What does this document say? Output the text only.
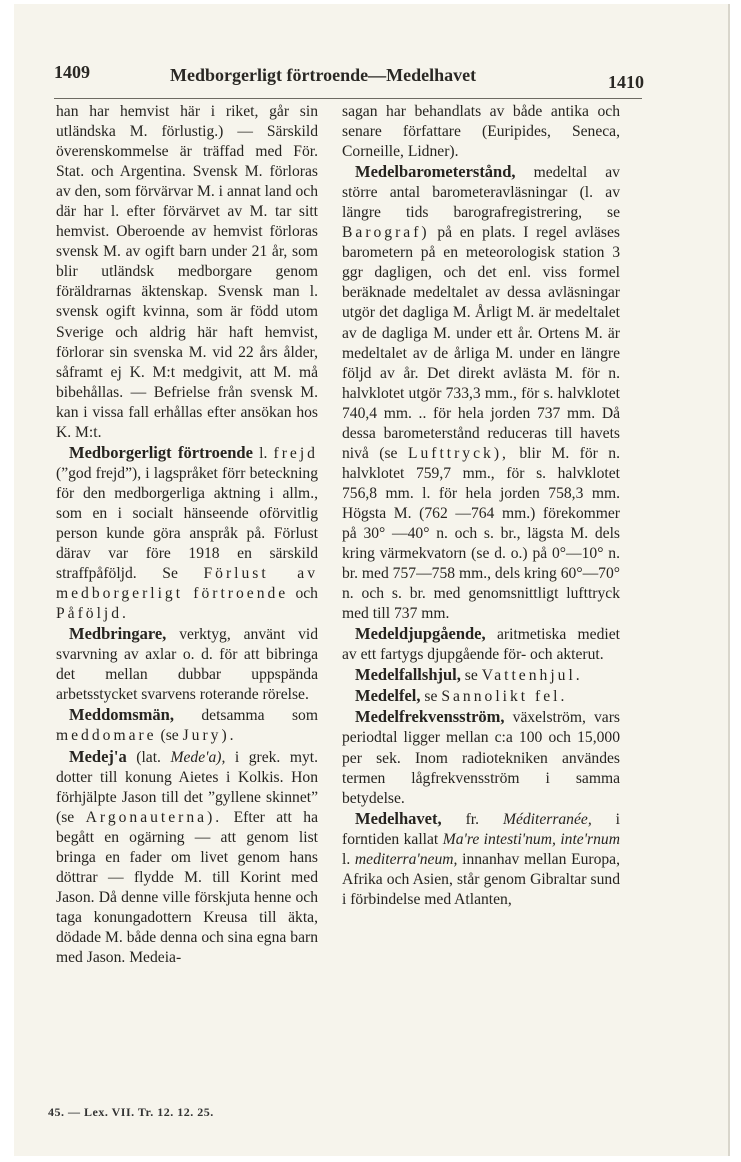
1409	Medborgerligt förtroende—Medelhavet	1410

han har hemvist här i riket, går sin utländska M. förlustig.) — Särskild överenskommelse är träffad med För. Stat. och Argentina. Svensk M. förloras av den, som förvärvar M. i annat land och där har l. efter förvärvet av M. tar sitt hemvist. Oberoende av hemvist förloras svensk M. av ogift barn under 21 år, som blir utländsk medborgare genom föräldrarnas äktenskap. Svensk man l. svensk ogift kvinna, som är född utom Sverige och aldrig här haft hemvist, förlorar sin svenska M. vid 22 års ålder, såframt ej K. M:t medgivit, att M. må bibehållas. — Befrielse från svensk M. kan i vissa fall erhållas efter ansökan hos K. M:t.

Medborgerligt förtroende l. frejd (”god frejd”), i lagspråket förr beteckning för den medborgerliga aktning i allm., som en i socialt hänseende oförvitlig person kunde göra anspråk på. Förlust därav var före 1918 en särskild straffpåföljd. Se Förlust av medborgerligt förtroende och Påföljd.

Medbringare, verktyg, använt vid svarvning av axlar o. d. för att bibringa det mellan dubbar uppspända arbetsstycket svarvens roterande rörelse.

Meddomsmän, detsamma som meddomare (se Jury).

Medej'a (lat. Mede'a), i grek. myt. dotter till konung Aietes i Kolkis. Hon förhjälpte Jason till det ”gyllene skinnet” (se Argonauterna). Efter att ha begått en ogärning — att genom list bringa en fader om livet genom hans döttrar — flydde M. till Korint med Jason. Då denne ville förskjuta henne och taga konungadottern Kreusa till äkta, dödade M. både denna och sina egna barn med Jason. Medeia-

sagan har behandlats av både antika och senare författare (Euripides, Seneca, Corneille, Lidner).

Medelbarometerstånd, medeltal av större antal barometeravläsningar (l. av längre tids barografregistrering, se Barograf) på en plats. I regel avläses barometern på en meteorologisk station 3 ggr dagligen, och det enl. viss formel beräknade medeltalet av dessa avläsningar utgör det dagliga M. Årligt M. är medeltalet av de dagliga M. under ett år. Ortens M. är medeltalet av de årliga M. under en längre följd av år. Det direkt avlästa M. för n. halvklotet utgör 733,3 mm., för s. halvklotet 740,4 mm. .. för hela jorden 737 mm. Då dessa barometerstånd reduceras till havets nivå (se Lufttryck), blir M. för n. halvklotet 759,7 mm., för s. halvklotet 756,8 mm. l. för hela jorden 758,3 mm. Högsta M. (762 —764 mm.) förekommer på 30° —40° n. och s. br., lägsta M. dels kring värmekvatorn (se d. o.) på 0°—10° n. br. med 757—758 mm., dels kring 60°—70° n. och s. br. med genomsnittligt lufttryck med till 737 mm.

Medeldjupgående, aritmetiska mediet av ett fartygs djupgående för- och akterut.

Medelfallshjul, se Vattenhjul.

Medelfel, se Sannolikt fel.

Medelfrekvensström, växelström, vars periodtal ligger mellan c:a 100 och 15,000 per sek. Inom radiotekniken användes termen lågfrekvensström i samma betydelse.

Medelhavet, fr. Méditerranée, i forntiden kallat Ma're intesti'num, inte'rnum l. mediterra'neum, innanhav mellan Europa, Afrika och Asien, står genom Gibraltar sund i förbindelse med Atlanten,

45. — Lex. VII. Tr. 12. 12. 25.
